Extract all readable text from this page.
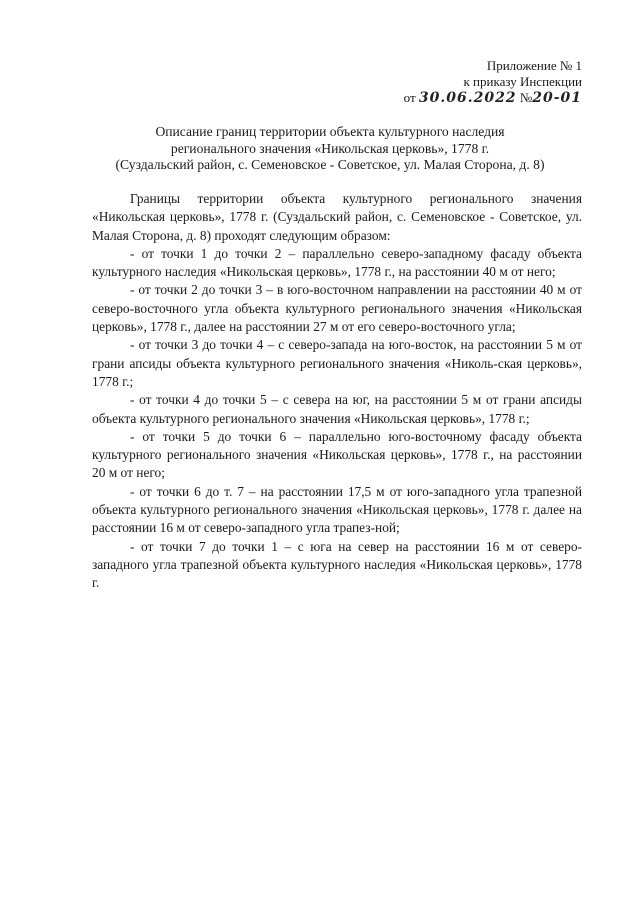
Приложение № 1
к приказу Инспекции
от 30.06.2022 №20-01
Описание границ территории объекта культурного наследия
регионального значения «Никольская церковь», 1778 г.
(Суздальский район, с. Семеновское - Советское, ул. Малая Сторона, д. 8)

Границы территории объекта культурного регионального значения «Никольская церковь», 1778 г. (Суздальский район, с. Семеновское - Советское, ул. Малая Сторона, д. 8) проходят следующим образом:

- от точки 1 до точки 2 – параллельно северо-западному фасаду объекта культурного наследия «Никольская церковь», 1778 г., на расстоянии 40 м от него;

- от точки 2 до точки 3 – в юго-восточном направлении на расстоянии 40 м от северо-восточного угла объекта культурного регионального значения «Никольская церковь», 1778 г., далее на расстоянии 27 м от его северо-восточного угла;

- от точки 3 до точки 4 – с северо-запада на юго-восток, на расстоянии 5 м от грани апсиды объекта культурного регионального значения «Николь-ская церковь», 1778 г.;

- от точки 4 до точки 5 – с севера на юг, на расстоянии 5 м от грани апсиды объекта культурного регионального значения «Никольская церковь», 1778 г.;

- от точки 5 до точки 6 – параллельно юго-восточному фасаду объекта культурного регионального значения «Никольская церковь», 1778 г., на расстоянии 20 м от него;

- от точки 6 до т. 7 – на расстоянии 17,5 м от юго-западного угла трапезной объекта культурного регионального значения «Никольская церковь», 1778 г. далее на расстоянии 16 м от северо-западного угла трапез-ной;

- от точки 7 до точки 1 – с юга на север на расстоянии 16 м от северо-западного угла трапезной объекта культурного наследия «Никольская церковь», 1778 г.
